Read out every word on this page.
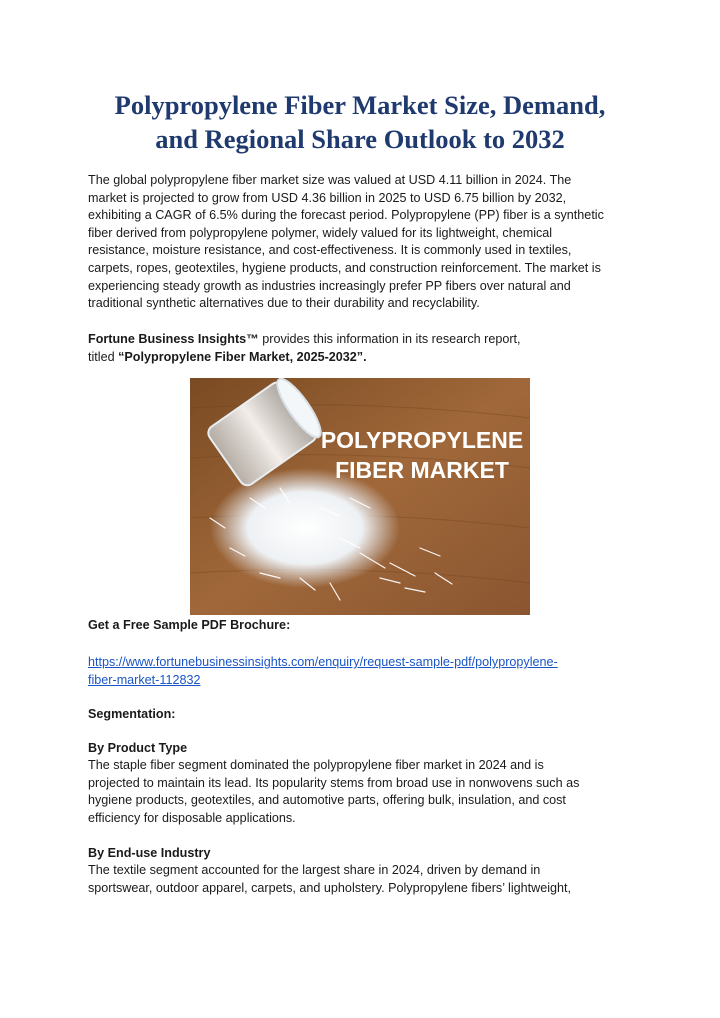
Polypropylene Fiber Market Size, Demand,
and Regional Share Outlook to 2032

The global polypropylene fiber market size was valued at USD 4.11 billion in 2024. The
market is projected to grow from USD 4.36 billion in 2025 to USD 6.75 billion by 2032,
exhibiting a CAGR of 6.5% during the forecast period. Polypropylene (PP) fiber is a synthetic
fiber derived from polypropylene polymer, widely valued for its lightweight, chemical
resistance, moisture resistance, and cost-effectiveness. It is commonly used in textiles,
carpets, ropes, geotextiles, hygiene products, and construction reinforcement. The market is
experiencing steady growth as industries increasingly prefer PP fibers over natural and
traditional synthetic alternatives due to their durability and recyclability.

Fortune Business Insights™ provides this information in its research report,
titled “Polypropylene Fiber Market, 2025-2032”.

POLYPROPYLENE
FIBER MARKET

Get a Free Sample PDF Brochure:

https://www.fortunebusinessinsights.com/enquiry/request-sample-pdf/polypropylene-
fiber-market-112832

Segmentation:

By Product Type

The staple fiber segment dominated the polypropylene fiber market in 2024 and is
projected to maintain its lead. Its popularity stems from broad use in nonwovens such as
hygiene products, geotextiles, and automotive parts, offering bulk, insulation, and cost
efficiency for disposable applications.

By End-use Industry

The textile segment accounted for the largest share in 2024, driven by demand in
sportswear, outdoor apparel, carpets, and upholstery. Polypropylene fibers’ lightweight,
